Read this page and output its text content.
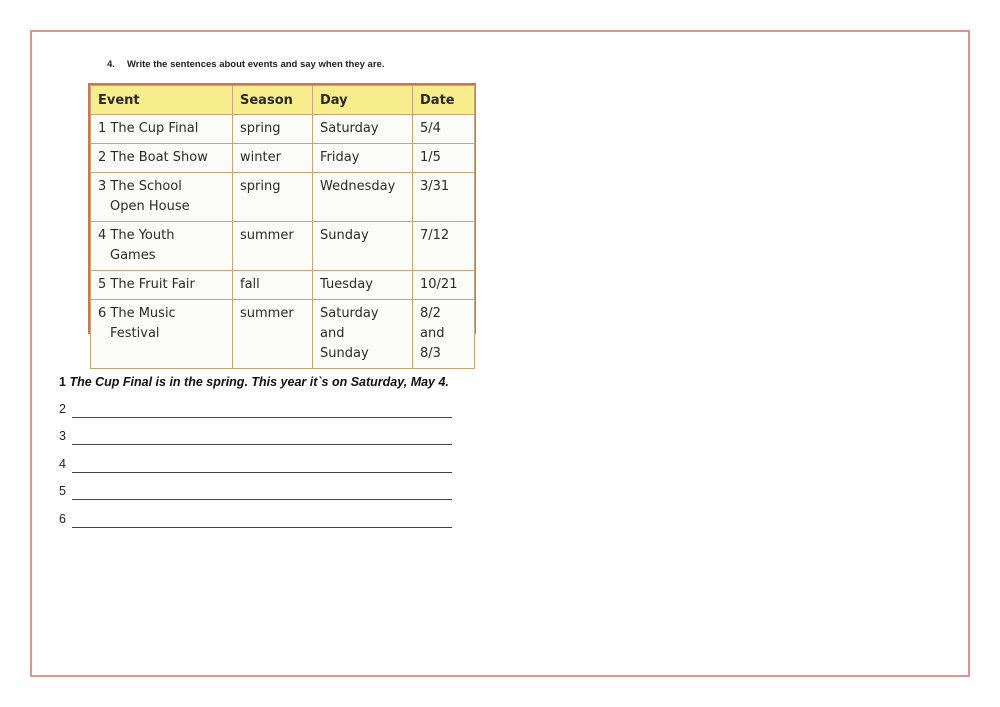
4. Write the sentences about events and say when they are.
Event	Season	Day	Date
1 The Cup Final	spring	Saturday	5/4
2 The Boat Show	winter	Friday	1/5
3 The School
Open House	spring	Wednesday	3/31
4 The Youth
Games	summer	Sunday	7/12
5 The Fruit Fair	fall	Tuesday	10/21
6 The Music
Festival	summer	Saturday and
Sunday	8/2 and
8/3
1 The Cup Final is in the spring. This year it`s on Saturday, May 4.
2
3
4
5
6
